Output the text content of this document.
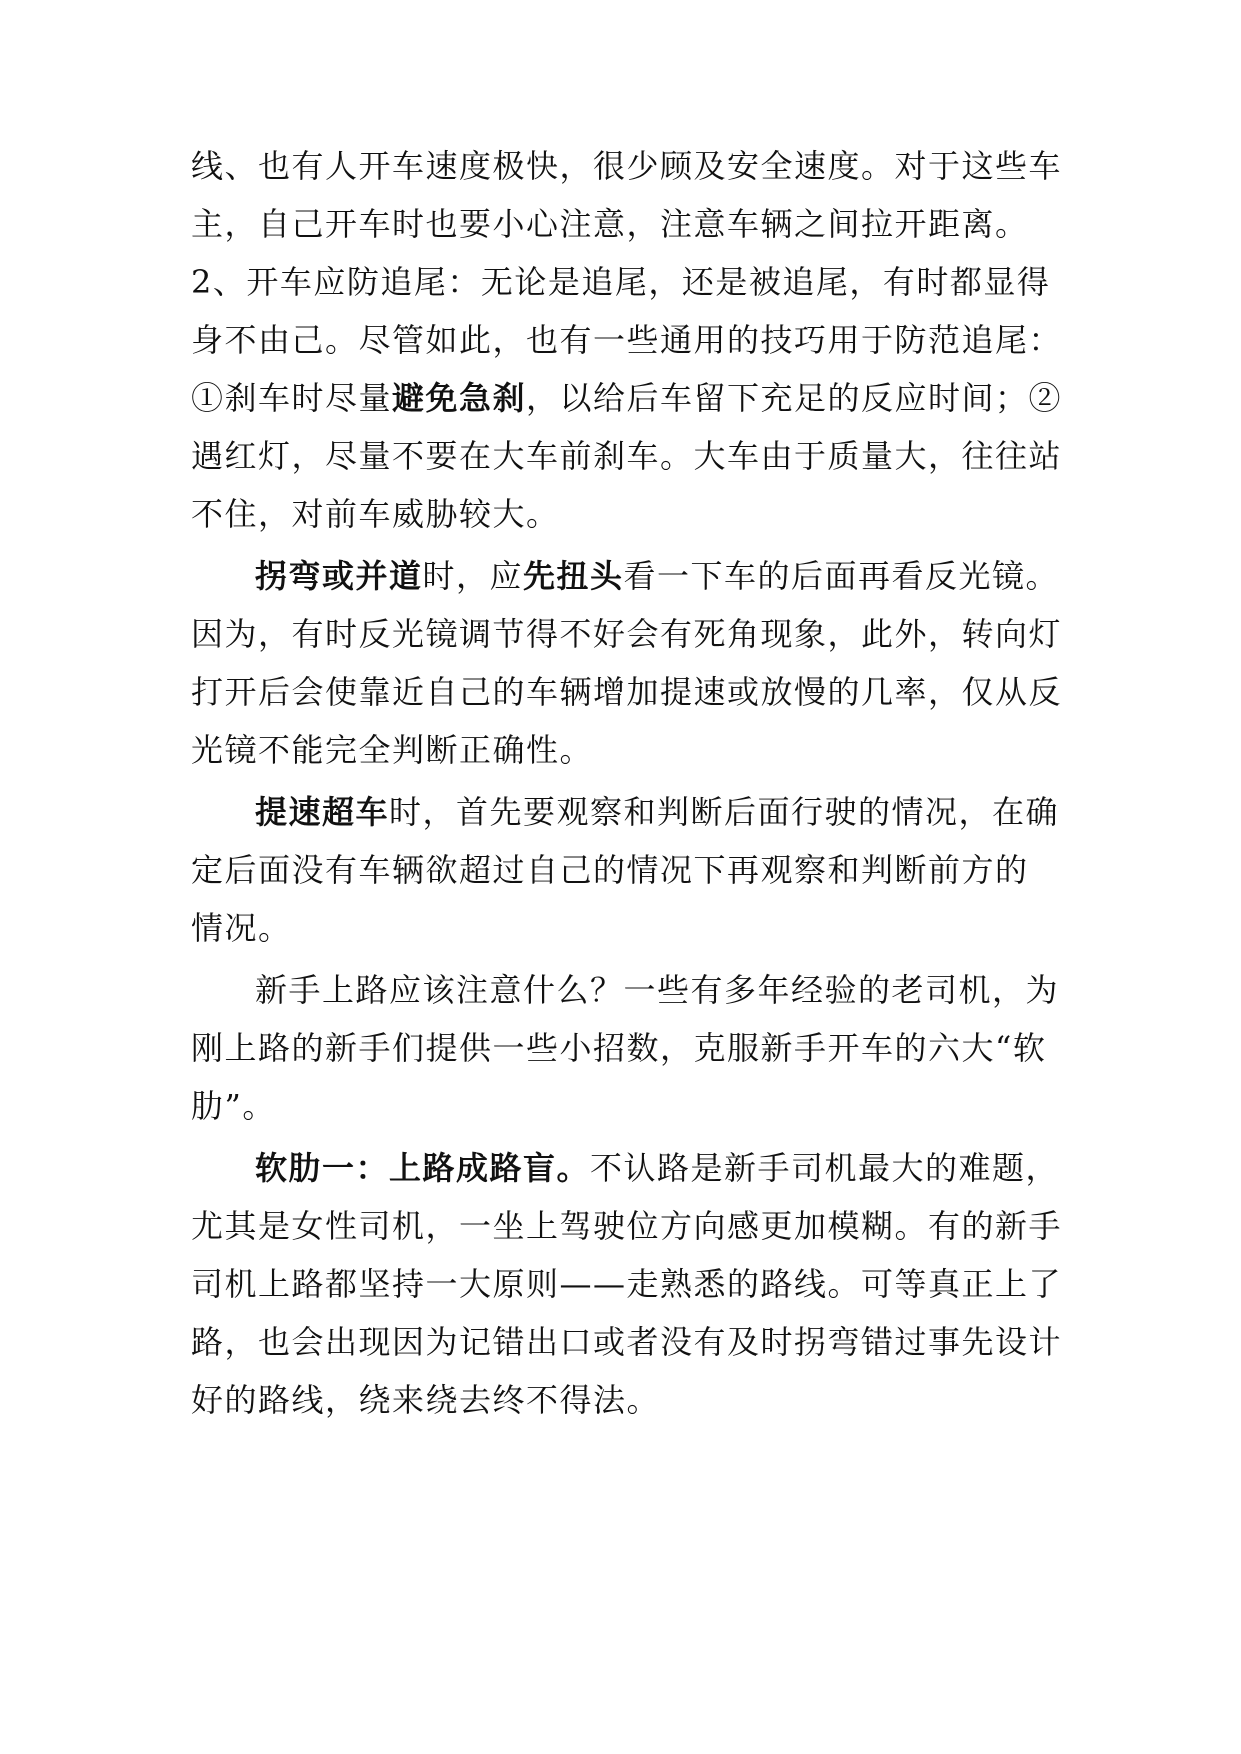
线、也有人开车速度极快，很少顾及安全速度。对于这些车
主，自己开车时也要小心注意，注意车辆之间拉开距离。
2、开车应防追尾：无论是追尾，还是被追尾，有时都显得
身不由己。尽管如此，也有一些通用的技巧用于防范追尾：
①刹车时尽量避免急刹，以给后车留下充足的反应时间；②
遇红灯，尽量不要在大车前刹车。大车由于质量大，往往站
不住，对前车威胁较大。
拐弯或并道时，应先扭头看一下车的后面再看反光镜。
因为，有时反光镜调节得不好会有死角现象，此外，转向灯
打开后会使靠近自己的车辆增加提速或放慢的几率，仅从反
光镜不能完全判断正确性。
提速超车时，首先要观察和判断后面行驶的情况，在确
定后面没有车辆欲超过自己的情况下再观察和判断前方的
情况。
新手上路应该注意什么？一些有多年经验的老司机，为
刚上路的新手们提供一些小招数，克服新手开车的六大“软
肋”。
软肋一：上路成路盲。不认路是新手司机最大的难题，
尤其是女性司机，一坐上驾驶位方向感更加模糊。有的新手
司机上路都坚持一大原则——走熟悉的路线。可等真正上了
路，也会出现因为记错出口或者没有及时拐弯错过事先设计
好的路线，绕来绕去终不得法。
